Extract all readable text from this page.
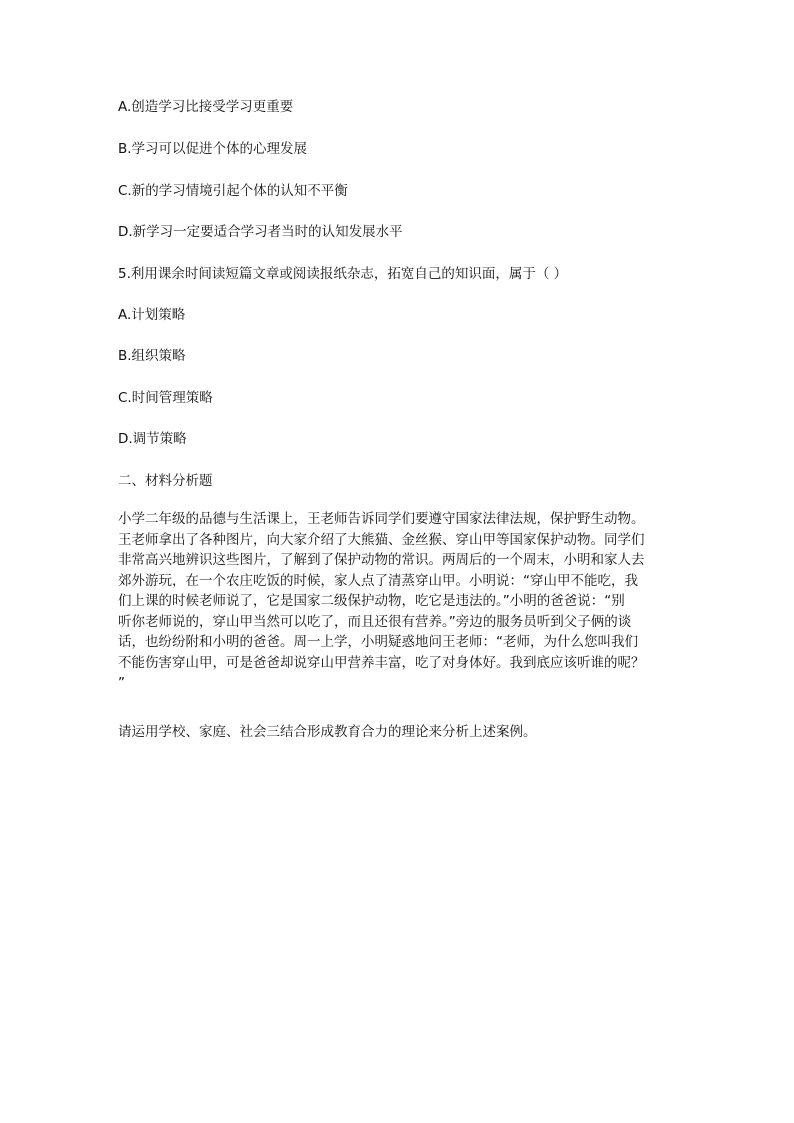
A.创造学习比接受学习更重要
B.学习可以促进个体的心理发展
C.新的学习情境引起个体的认知不平衡
D.新学习一定要适合学习者当时的认知发展水平
5.利用课余时间读短篇文章或阅读报纸杂志，拓宽自己的知识面，属于（ ）
A.计划策略
B.组织策略
C.时间管理策略
D.调节策略
二、材料分析题
小学二年级的品德与生活课上，王老师告诉同学们要遵守国家法律法规，保护野生动物。
王老师拿出了各种图片，向大家介绍了大熊猫、金丝猴、穿山甲等国家保护动物。同学们
非常高兴地辨识这些图片，了解到了保护动物的常识。两周后的一个周末，小明和家人去
郊外游玩，在一个农庄吃饭的时候，家人点了清蒸穿山甲。小明说：“穿山甲不能吃，我
们上课的时候老师说了，它是国家二级保护动物，吃它是违法的。”小明的爸爸说：“别
听你老师说的，穿山甲当然可以吃了，而且还很有营养。”旁边的服务员听到父子俩的谈
话，也纷纷附和小明的爸爸。周一上学，小明疑惑地问王老师：“老师，为什么您叫我们
不能伤害穿山甲，可是爸爸却说穿山甲营养丰富，吃了对身体好。我到底应该听谁的呢？
”
请运用学校、家庭、社会三结合形成教育合力的理论来分析上述案例。
